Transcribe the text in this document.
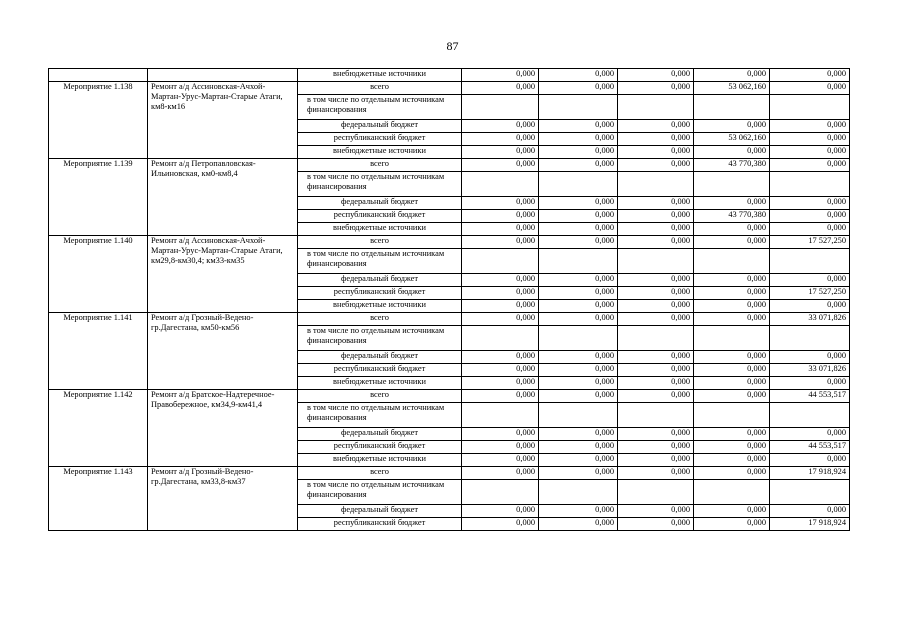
87
		внебюджетные источники	0,000	0,000	0,000	0,000	0,000
Мероприятие 1.138	Ремонт а/д Ассиновская-Ачхой-Мартан-Урус-Мартан-Старые Атаги, км8-км16	всего	0,000	0,000	0,000	53 062,160	0,000
		в том числе по отдельным источникам финансирования					
		федеральный бюджет	0,000	0,000	0,000	0,000	0,000
		республиканский бюджет	0,000	0,000	0,000	53 062,160	0,000
		внебюджетные источники	0,000	0,000	0,000	0,000	0,000
Мероприятие 1.139	Ремонт а/д Петропавловская-Ильиновская, км0-км8,4	всего	0,000	0,000	0,000	43 770,380	0,000
		в том числе по отдельным источникам финансирования					
		федеральный бюджет	0,000	0,000	0,000	0,000	0,000
		республиканский бюджет	0,000	0,000	0,000	43 770,380	0,000
		внебюджетные источники	0,000	0,000	0,000	0,000	0,000
Мероприятие 1.140	Ремонт а/д Ассиновская-Ачхой-Мартан-Урус-Мартан-Старые Атаги, км29,8-км30,4; км33-км35	всего	0,000	0,000	0,000	0,000	17 527,250
		в том числе по отдельным источникам финансирования					
		федеральный бюджет	0,000	0,000	0,000	0,000	0,000
		республиканский бюджет	0,000	0,000	0,000	0,000	17 527,250
		внебюджетные источники	0,000	0,000	0,000	0,000	0,000
Мероприятие 1.141	Ремонт а/д Грозный-Ведено-гр.Дагестана, км50-км56	всего	0,000	0,000	0,000	0,000	33 071,826
		в том числе по отдельным источникам финансирования					
		федеральный бюджет	0,000	0,000	0,000	0,000	0,000
		республиканский бюджет	0,000	0,000	0,000	0,000	33 071,826
		внебюджетные источники	0,000	0,000	0,000	0,000	0,000
Мероприятие 1.142	Ремонт а/д Братское-Надтеречное-Правобережное, км34,9-км41,4	всего	0,000	0,000	0,000	0,000	44 553,517
		в том числе по отдельным источникам финансирования					
		федеральный бюджет	0,000	0,000	0,000	0,000	0,000
		республиканский бюджет	0,000	0,000	0,000	0,000	44 553,517
		внебюджетные источники	0,000	0,000	0,000	0,000	0,000
Мероприятие 1.143	Ремонт а/д Грозный-Ведено-гр.Дагестана, км33,8-км37	всего	0,000	0,000	0,000	0,000	17 918,924
		в том числе по отдельным источникам финансирования					
		федеральный бюджет	0,000	0,000	0,000	0,000	0,000
		республиканский бюджет	0,000	0,000	0,000	0,000	17 918,924
